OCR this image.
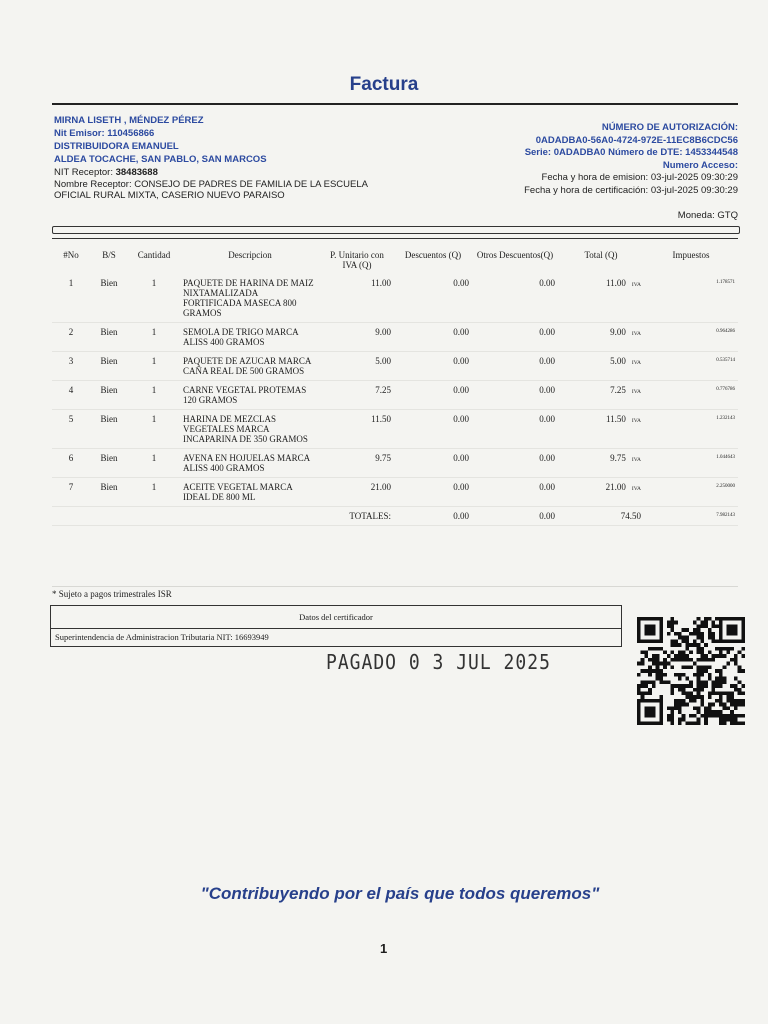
Factura
MIRNA LISETH , MÉNDEZ PÉREZ
Nit Emisor: 110456866
DISTRIBUIDORA EMANUEL
ALDEA TOCACHE, SAN PABLO, SAN MARCOS
NIT Receptor: 38483688
Nombre Receptor: CONSEJO DE PADRES DE FAMILIA DE LA ESCUELA
OFICIAL RURAL MIXTA, CASERIO NUEVO PARAISO
NÚMERO DE AUTORIZACIÓN:
0ADADBA0-56A0-4724-972E-11EC8B6CDC56
Serie: 0ADADBA0 Número de DTE: 1453344548
Numero Acceso:
Fecha y hora de emision: 03-jul-2025 09:30:29
Fecha y hora de certificación: 03-jul-2025 09:30:29
Moneda: GTQ
#No	B/S	Cantidad	Descripcion	P. Unitario con IVA (Q)	Descuentos (Q)	Otros Descuentos(Q)	Total (Q)	Impuestos
1	Bien	1	PAQUETE DE HARINA DE MAIZ NIXTAMALIZADA FORTIFICADA MASECA 800 GRAMOS	11.00	0.00	0.00	11.00 IVA	1.178571
2	Bien	1	SEMOLA DE TRIGO MARCA ALISS 400 GRAMOS	9.00	0.00	0.00	9.00 IVA	0.964286
3	Bien	1	PAQUETE DE AZUCAR MARCA CAÑA REAL DE 500 GRAMOS	5.00	0.00	0.00	5.00 IVA	0.535714
4	Bien	1	CARNE VEGETAL PROTEMAS 120 GRAMOS	7.25	0.00	0.00	7.25 IVA	0.776786
5	Bien	1	HARINA DE MEZCLAS VEGETALES MARCA INCAPARINA DE 350 GRAMOS	11.50	0.00	0.00	11.50 IVA	1.232143
6	Bien	1	AVENA EN HOJUELAS MARCA ALISS 400 GRAMOS	9.75	0.00	0.00	9.75 IVA	1.044643
7	Bien	1	ACEITE VEGETAL MARCA IDEAL DE 800 ML	21.00	0.00	0.00	21.00 IVA	2.250000
				TOTALES:	0.00	0.00	74.50	7.982143
* Sujeto a pagos trimestrales ISR
Datos del certificador
Superintendencia de Administracion Tributaria NIT: 16693949
PAGADO 0 3 JUL 2025
"Contribuyendo por el país que todos queremos"
1
